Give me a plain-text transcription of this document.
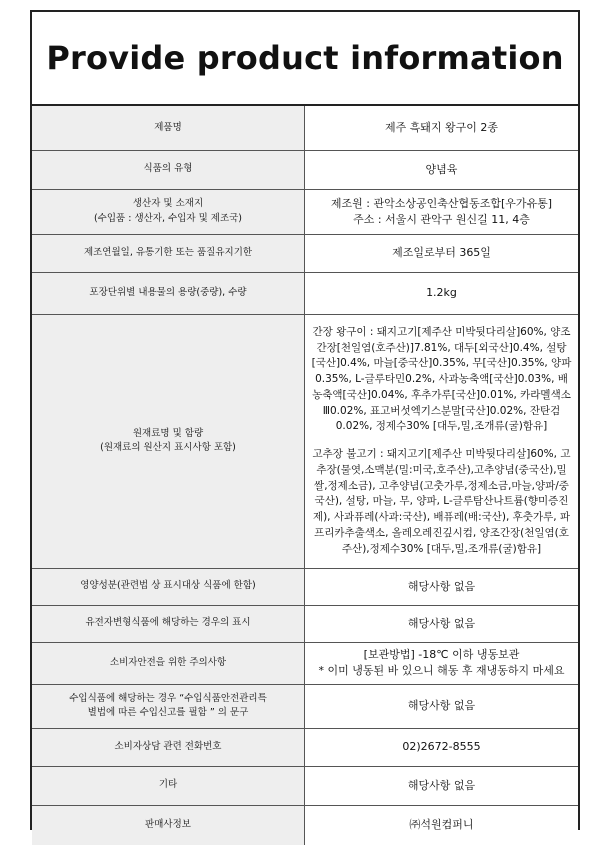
Provide product information
제품명	제주 흑돼지 왕구이 2종
식품의 유형	양념육

생산자 및 소재지
(수입품 : 생산자, 수입자 및 제조국)	제조원 : 관악소상공인축산협동조합[우가유통]
주소 : 서울시 관악구 원신길 11, 4층

제조연월일, 유통기한 또는 품질유지기한	제조일로부터 365일
포장단위별 내용물의 용량(중량), 수량	1.2kg

원재료명 및 함량
(원재료의 원산지 표시사항 포함)	간장 왕구이 : 돼지고기[제주산 미박뒷다리살]60%, 양조간장[천일염(호주산)]7.81%, 대두[외국산]0.4%, 설탕[국산]0.4%, 마늘[중국산]0.35%, 무[국산]0.35%, 양파0.35%, L-글루타민0.2%, 사과농축액[국산]0.03%, 배농축액[국산]0.04%, 후추가루[국산]0.01%, 카라멜색소Ⅲ0.02%, 표고버섯엑기스분말[국산]0.02%, 잔탄검0.02%, 정제수30% [대두,밀,조개류(굴)함유]
고추장 불고기 : 돼지고기[제주산 미박뒷다리살]60%, 고추장(물엿,소맥분(밀:미국,호주산),고추양념(중국산),밀쌀,정제소금), 고추양념(고춧가루,정제소금,마늘,양파/중국산), 설탕, 마늘, 무, 양파, L-글루탐산나트륨(향미증진제), 사과퓨레(사과:국산), 배퓨레(배:국산), 후춧가루, 파프리카추출색소, 올레오레진깊시컴, 양조간장(천일염(호주산),정제수30% [대두,밀,조개류(굴)함유]

영양성분(관련법 상 표시대상 식품에 한함)	해당사항 없음
유전자변형식품에 해당하는 경우의 표시	해당사항 없음
소비자안전을 위한 주의사항	[보관방법] -18℃ 이하 냉동보관
* 이미 냉동된 바 있으니 해동 후 재냉동하지 마세요

수입식품에 해당하는 경우 “수입식품안전관리특
별법에 따른 수입신고를 필함 ” 의 문구	해당사항 없음
소비자상담 관련 전화번호	02)2672-8555
기타	해당사항 없음
판매사정보	㈜석원컴퍼니
